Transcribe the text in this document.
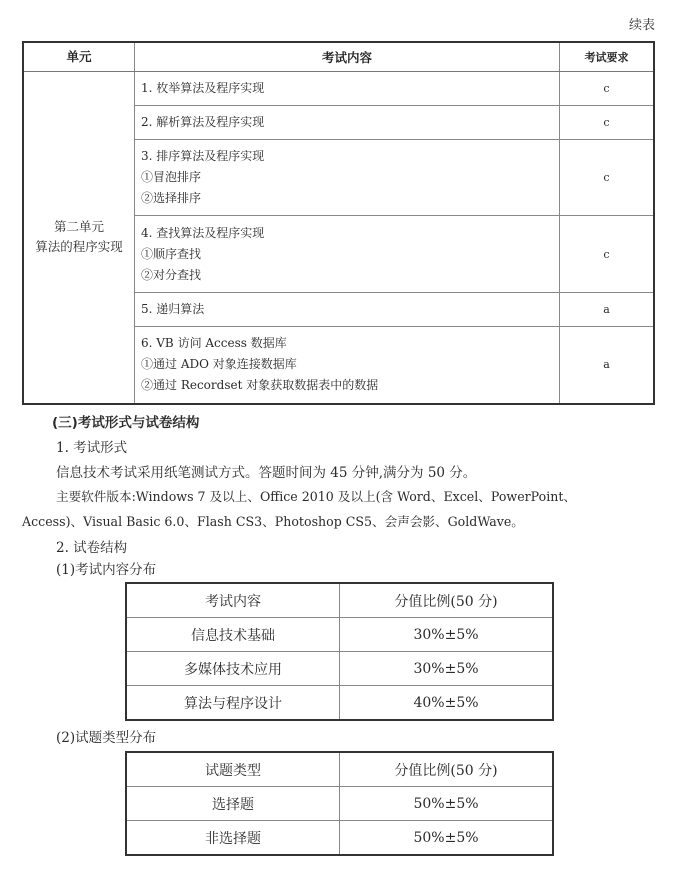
续表
单元	考试内容	考试要求

第二单元
算法的程序实现	1. 枚举算法及程序实现	c

	2. 解析算法及程序实现	c

	3. 排序算法及程序实现
①冒泡排序
②选择排序	c

	4. 查找算法及程序实现
①顺序查找
②对分查找	c

	5. 递归算法	a

	6. VB 访问 Access 数据库
①通过 ADO 对象连接数据库
②通过 Recordset 对象获取数据表中的数据	a

(三)考试形式与试卷结构

1. 考试形式

信息技术考试采用纸笔测试方式。答题时间为 45 分钟,满分为 50 分。

主要软件版本:Windows 7 及以上、Office 2010 及以上(含 Word、Excel、PowerPoint、

Access)、Visual Basic 6.0、Flash CS3、Photoshop CS5、会声会影、GoldWave。

2. 试卷结构

(1)考试内容分布

考试内容	分值比例(50 分)
信息技术基础	30%±5%
多媒体技术应用	30%±5%
算法与程序设计	40%±5%

(2)试题类型分布

试题类型	分值比例(50 分)
选择题	50%±5%
非选择题	50%±5%
